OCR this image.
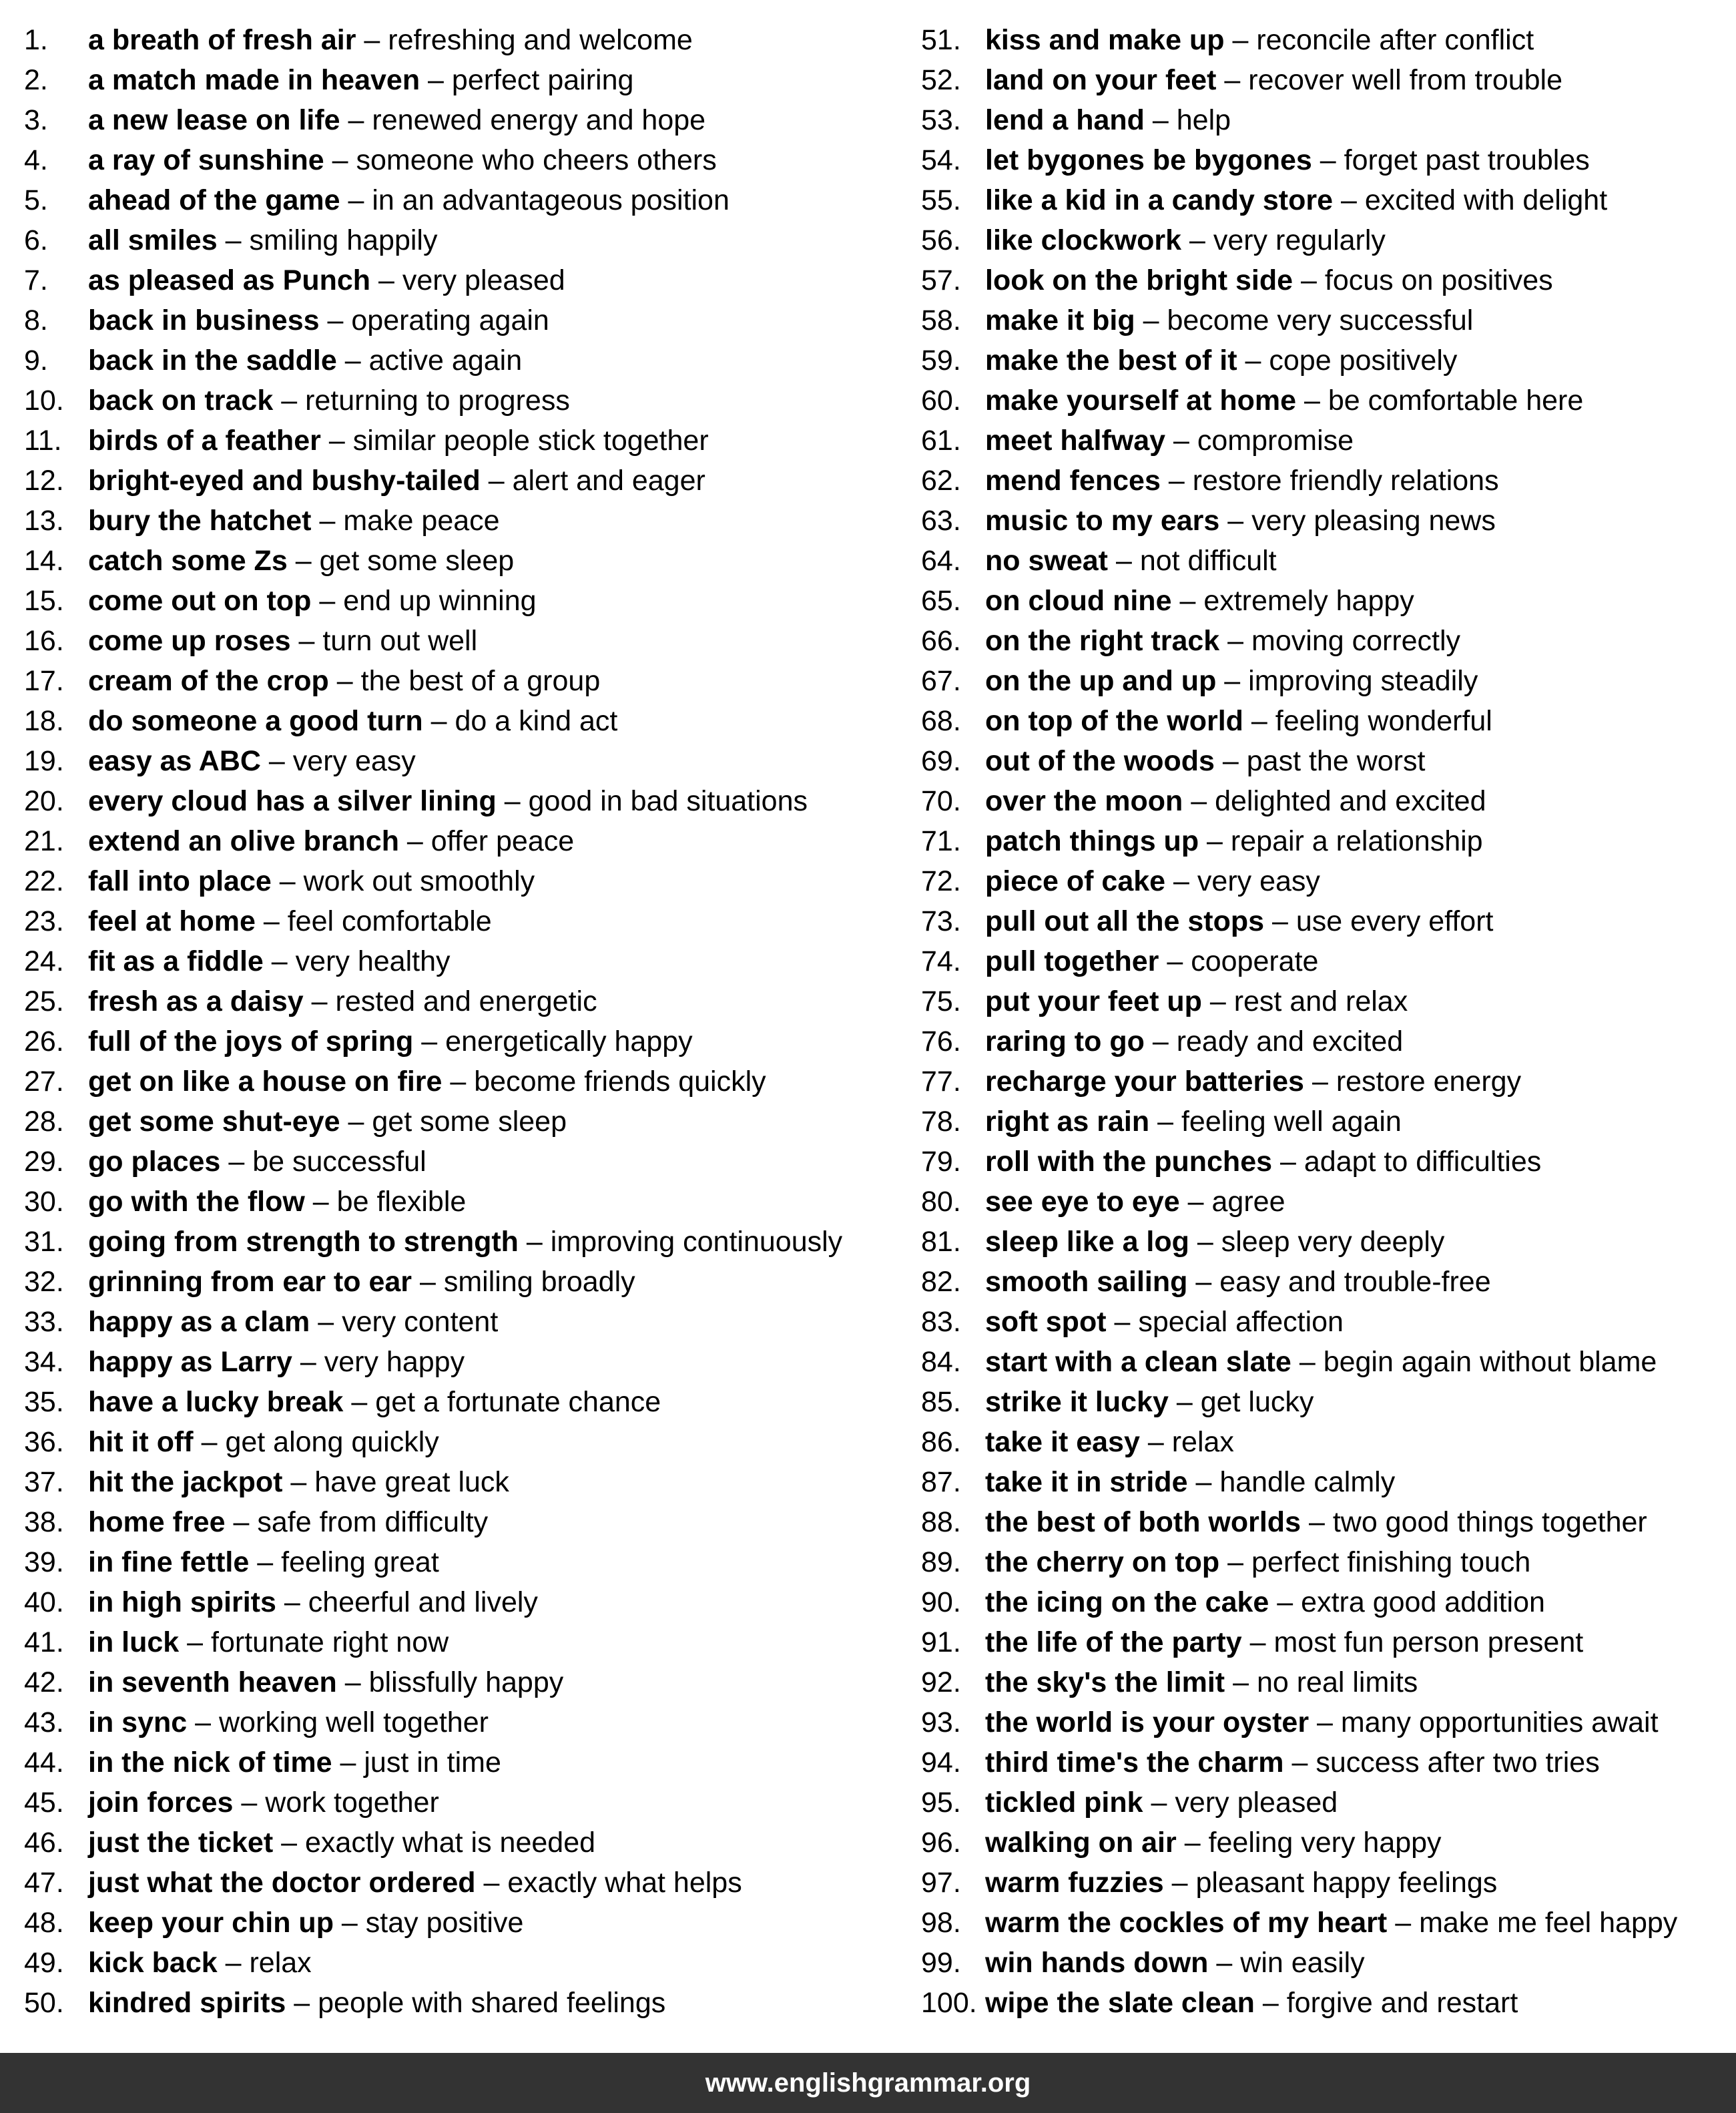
1.	a breath of fresh air
–
refreshing and welcome
2.	a match made in heaven
–
perfect pairing
3.	a new lease on life
–
renewed energy and hope
4.	a ray of sunshine
–
someone who cheers others
5.	ahead of the game
–
in an advantageous position
6.	all smiles
–
smiling happily
7.	as pleased as Punch
–
very pleased
8.	back in business
–
operating again
9.	back in the saddle
–
active again
10. back on track
–
returning to progress
11. birds of a feather
–
similar people stick together
12. bright-eyed and bushy-tailed
–
alert and eager
13. bury the hatchet
–
make peace
14. catch some Zs
–
get some sleep
15. come out on top
–
end up winning
16. come up roses
–
turn out well
17. cream of the crop
–
the best of a group
18. do someone a good turn
–
do a kind act
19. easy as ABC
–
very easy
20. every cloud has a silver lining
–
good in bad situations
21. extend an olive branch
–
offer peace
22. fall into place
–
work out smoothly
23. feel at home
–
feel comfortable
24. fit as a fiddle
–
very healthy
25. fresh as a daisy
–
rested and energetic
26. full of the joys of spring
–
energetically happy
27. get on like a house on fire
–
become friends quickly
28. get some shut-eye
–
get some sleep
29. go places
–
be successful
30. go with the flow
–
be flexible
31. going from strength to strength
–
improving continuously
32. grinning from ear to ear
–
smiling broadly
33. happy as a clam
–
very content
34. happy as Larry
–
very happy
35. have a lucky break
–
get a fortunate chance
36. hit it off
–
get along quickly
37. hit the jackpot
–
have great luck
38. home free
–
safe from difficulty
39. in fine fettle
–
feeling great
40. in high spirits
–
cheerful and lively
41. in luck
–
fortunate right now
42. in seventh heaven
–
blissfully happy
43. in sync
–
working well together
44. in the nick of time
–
just in time
45. join forces
–
work together
46. just the ticket
–
exactly what is needed
47. just what the doctor ordered
–
exactly what helps
48. keep your chin up
–
stay positive
49. kick back
–
relax
50. kindred spirits
–
people with shared feelings
51. kiss and make up
–
reconcile after conflict
52. land on your feet
–
recover well from trouble
53. lend a hand
–
help
54. let bygones be bygones
–
forget past troubles
55. like a kid in a candy store
–
excited with delight
56. like clockwork
–
very regularly
57. look on the bright side
–
focus on positives
58. make it big
–
become very successful
59. make the best of it
–
cope positively
60. make yourself at home
–
be comfortable here
61. meet halfway
–
compromise
62. mend fences
–
restore friendly relations
63. music to my ears
–
very pleasing news
64. no sweat
–
not difficult
65. on cloud nine
–
extremely happy
66. on the right track
–
moving correctly
67. on the up and up
–
improving steadily
68. on top of the world
–
feeling wonderful
69. out of the woods
–
past the worst
70. over the moon
–
delighted and excited
71. patch things up
–
repair a relationship
72. piece of cake
–
very easy
73. pull out all the stops
–
use every effort
74. pull together
–
cooperate
75. put your feet up
–
rest and relax
76. raring to go
–
ready and excited
77. recharge your batteries
–
restore energy
78. right as rain
–
feeling well again
79. roll with the punches
–
adapt to difficulties
80. see eye to eye
–
agree
81. sleep like a log
–
sleep very deeply
82. smooth sailing
–
easy and trouble-free
83. soft spot
–
special affection
84. start with a clean slate
–
begin again without blame
85. strike it lucky
–
get lucky
86. take it easy
–
relax
87. take it in stride
–
handle calmly
88. the best of both worlds
–
two good things together
89. the cherry on top
–
perfect finishing touch
90. the icing on the cake
–
extra good addition
91. the life of the party
–
most fun person present
92. the sky's the limit
–
no real limits
93. the world is your oyster
–
many opportunities await
94. third time's the charm
–
success after two tries
95. tickled pink
–
very pleased
96. walking on air
–
feeling very happy
97. warm fuzzies
–
pleasant happy feelings
98. warm the cockles of my heart
–
make me feel happy
99. win hands down
–
win easily
100. wipe the slate clean
–
forgive and restart
www.englishgrammar.org
